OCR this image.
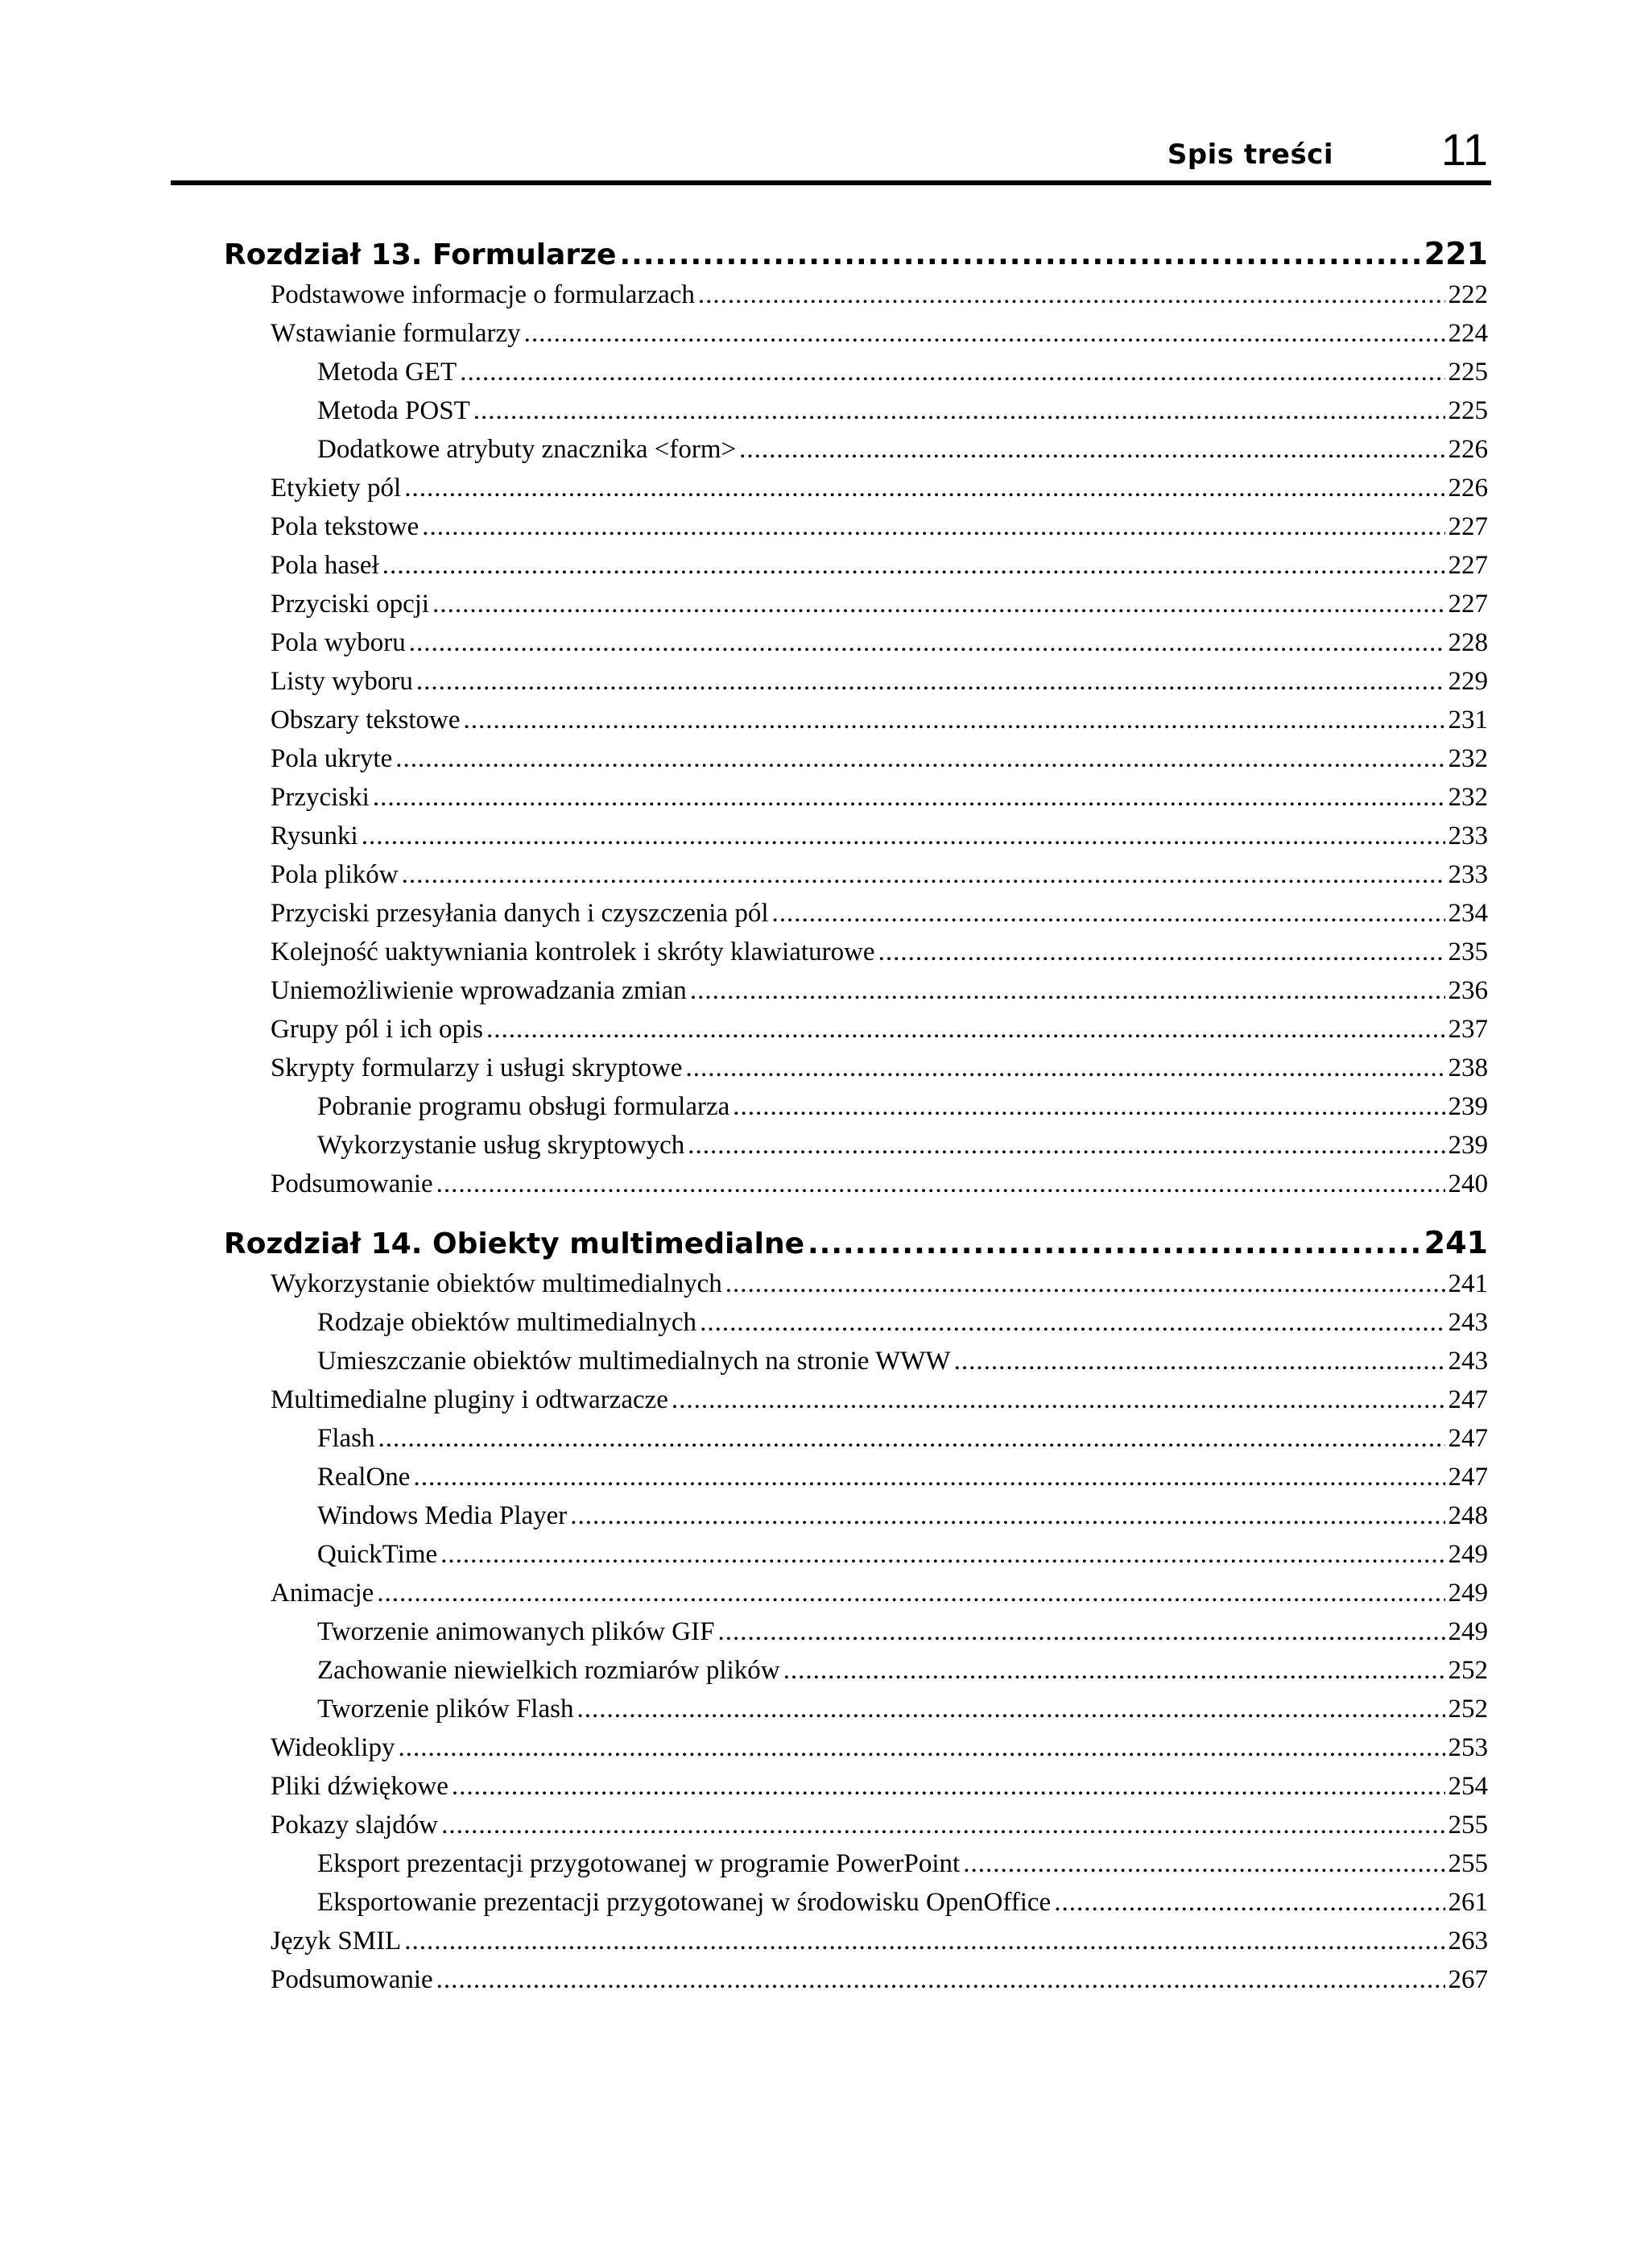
Spis treści 11
Rozdział 13. Formularze .....	221
Podstawowe informacje o formularzach .....	222
Wstawianie formularzy .....	224
Metoda GET .....	225
Metoda POST .....	225
Dodatkowe atrybuty znacznika <form> .....	226
Etykiety pól .....	226
Pola tekstowe .....	227
Pola haseł .....	227
Przyciski opcji .....	227
Pola wyboru .....	228
Listy wyboru .....	229
Obszary tekstowe .....	231
Pola ukryte .....	232
Przyciski .....	232
Rysunki .....	233
Pola plików .....	233
Przyciski przesyłania danych i czyszczenia pól .....	234
Kolejność uaktywniania kontrolek i skróty klawiaturowe .....	235
Uniemożliwienie wprowadzania zmian .....	236
Grupy pól i ich opis .....	237
Skrypty formularzy i usługi skryptowe .....	238
Pobranie programu obsługi formularza .....	239
Wykorzystanie usług skryptowych .....	239
Podsumowanie .....	240
Rozdział 14. Obiekty multimedialne .....	241
Wykorzystanie obiektów multimedialnych .....	241
Rodzaje obiektów multimedialnych .....	243
Umieszczanie obiektów multimedialnych na stronie WWW .....	243
Multimedialne pluginy i odtwarzacze .....	247
Flash .....	247
RealOne .....	247
Windows Media Player .....	248
QuickTime .....	249
Animacje .....	249
Tworzenie animowanych plików GIF .....	249
Zachowanie niewielkich rozmiarów plików .....	252
Tworzenie plików Flash .....	252
Wideoklipy .....	253
Pliki dźwiękowe .....	254
Pokazy slajdów .....	255
Eksport prezentacji przygotowanej w programie PowerPoint .....	255
Eksportowanie prezentacji przygotowanej w środowisku OpenOffice .....	261
Język SMIL .....	263
Podsumowanie .....	267
